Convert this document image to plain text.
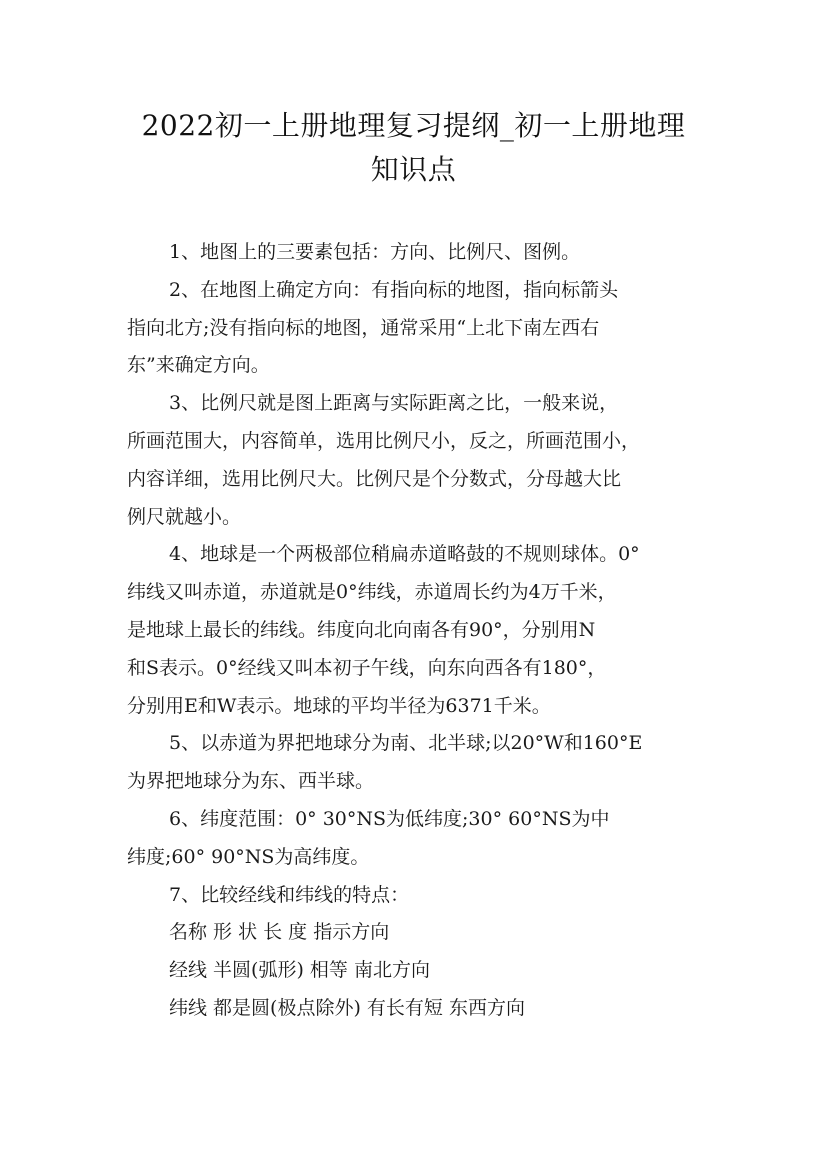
2022初一上册地理复习提纲_初一上册地理
知识点
1、地图上的三要素包括：方向、比例尺、图例。
2、在地图上确定方向：有指向标的地图，指向标箭头
指向北方;没有指向标的地图，通常采用“上北下南左西右
东”来确定方向。
3、比例尺就是图上距离与实际距离之比，一般来说，
所画范围大，内容简单，选用比例尺小，反之，所画范围小，
内容详细，选用比例尺大。比例尺是个分数式，分母越大比
例尺就越小。
4、地球是一个两极部位稍扁赤道略鼓的不规则球体。0°
纬线又叫赤道，赤道就是0°纬线，赤道周长约为4万千米，
是地球上最长的纬线。纬度向北向南各有90°，分别用N
和S表示。0°经线又叫本初子午线，向东向西各有180°，
分别用E和W表示。地球的平均半径为6371千米。
5、以赤道为界把地球分为南、北半球;以20°W和160°E
为界把地球分为东、西半球。
6、纬度范围：0° 30°NS为低纬度;30° 60°NS为中
纬度;60° 90°NS为高纬度。
7、比较经线和纬线的特点：
名称 形 状 长 度 指示方向
经线 半圆(弧形) 相等 南北方向
纬线 都是圆(极点除外) 有长有短 东西方向
